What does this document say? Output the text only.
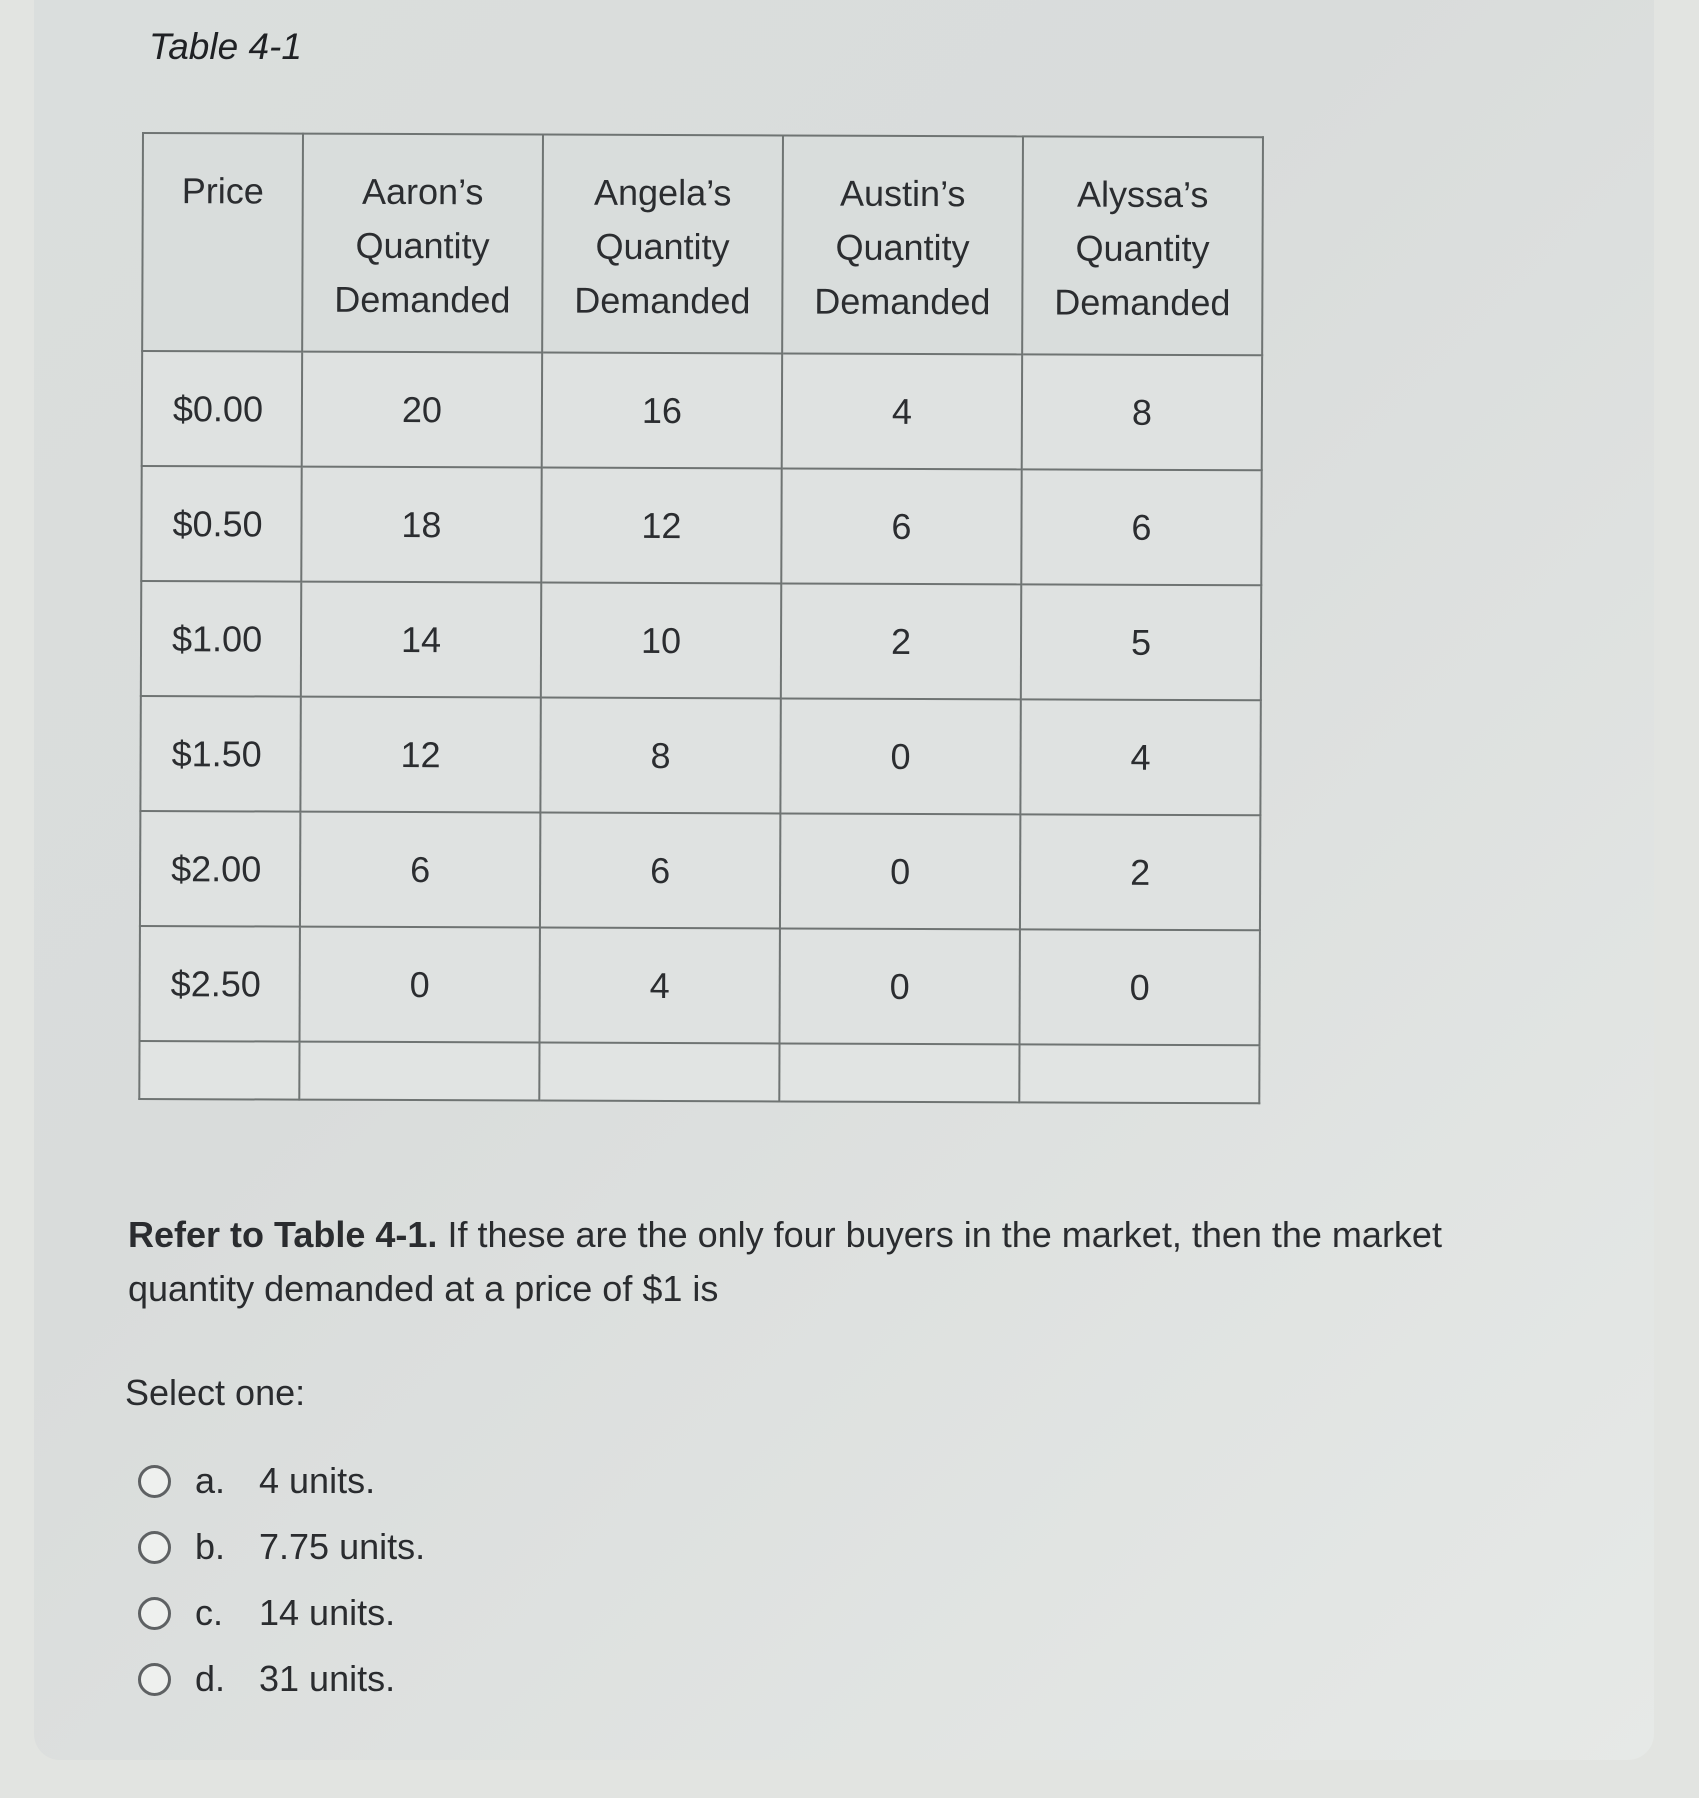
Table 4-1
Price	Aaron’s Quantity Demanded	Angela’s Quantity Demanded	Austin’s Quantity Demanded	Alyssa’s Quantity Demanded
$0.00	20	16	4	8
$0.50	18	12	6	6
$1.00	14	10	2	5
$1.50	12	8	0	4
$2.00	6	6	0	2
$2.50	0	4	0	0

Refer to Table 4-1. If these are the only four buyers in the market, then the market quantity demanded at a price of $1 is

Select one:

a. 4 units.
b. 7.75 units.
c. 14 units.
d. 31 units.
